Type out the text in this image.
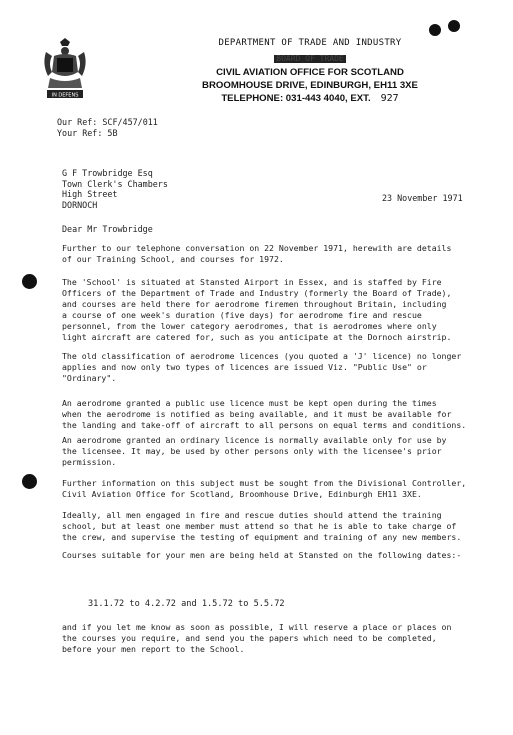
IN DEFENS
DEPARTMENT OF TRADE AND INDUSTRY
BOARD OF TRADE
CIVIL AVIATION OFFICE FOR SCOTLAND
BROOMHOUSE DRIVE, EDINBURGH, EH11 3XE
TELEPHONE: 031-443 4040, EXT. 927
Our Ref: SCF/457/011
Your Ref: 5B
G F Trowbridge Esq
Town Clerk's Chambers
High Street
DORNOCH
23 November 1971
Dear Mr Trowbridge
Further to our telephone conversation on 22 November 1971, herewith are details
of our Training School, and courses for 1972.
The 'School' is situated at Stansted Airport in Essex, and is staffed by Fire
Officers of the Department of Trade and Industry (formerly the Board of Trade),
and courses are held there for aerodrome firemen throughout Britain, including
a course of one week's duration (five days) for aerodrome fire and rescue
personnel, from the lower category aerodromes, that is aerodromes where only
light aircraft are catered for, such as you anticipate at the Dornoch airstrip.
The old classification of aerodrome licences (you quoted a 'J' licence) no longer
applies and now only two types of licences are issued Viz. "Public Use" or
"Ordinary".
An aerodrome granted a public use licence must be kept open during the times
when the aerodrome is notified as being available, and it must be available for
the landing and take-off of aircraft to all persons on equal terms and conditions.
An aerodrome granted an ordinary licence is normally available only for use by
the licensee. It may, be used by other persons only with the licensee's prior
permission.
Further information on this subject must be sought from the Divisional Controller,
Civil Aviation Office for Scotland, Broomhouse Drive, Edinburgh EH11 3XE.
Ideally, all men engaged in fire and rescue duties should attend the training
school, but at least one member must attend so that he is able to take charge of
the crew, and supervise the testing of equipment and training of any new members.
Courses suitable for your men are being held at Stansted on the following dates:-
31.1.72 to 4.2.72 and 1.5.72 to 5.5.72
and if you let me know as soon as possible, I will reserve a place or places on
the courses you require, and send you the papers which need to be completed,
before your men report to the School.
